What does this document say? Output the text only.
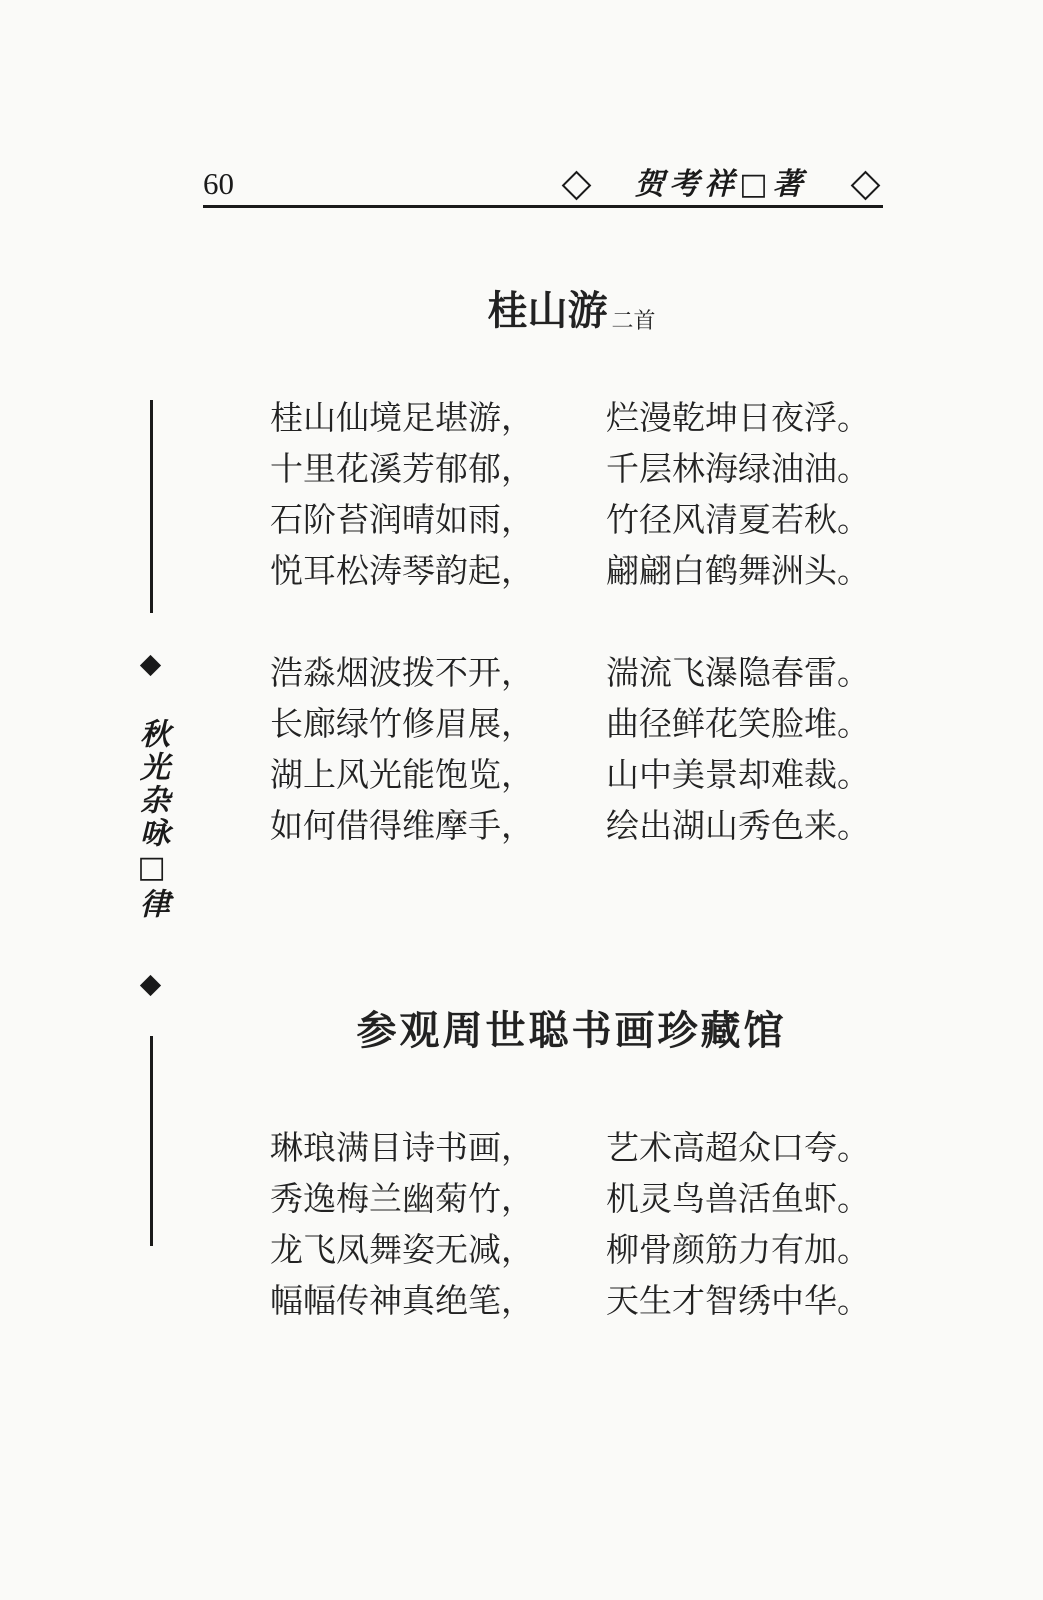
60	贺考祥□著
秋光杂咏□律
桂山游 二首
桂山仙境足堪游，	烂漫乾坤日夜浮。
十里花溪芳郁郁，	千层林海绿油油。
石阶苔润晴如雨，	竹径风清夏若秋。
悦耳松涛琴韵起，	翩翩白鹤舞洲头。
浩淼烟波拨不开，	湍流飞瀑隐春雷。
长廊绿竹修眉展，	曲径鲜花笑脸堆。
湖上风光能饱览，	山中美景却难裁。
如何借得维摩手，	绘出湖山秀色来。
参观周世聪书画珍藏馆
琳琅满目诗书画，	艺术高超众口夸。
秀逸梅兰幽菊竹，	机灵鸟兽活鱼虾。
龙飞凤舞姿无减，	柳骨颜筋力有加。
幅幅传神真绝笔，	天生才智绣中华。
